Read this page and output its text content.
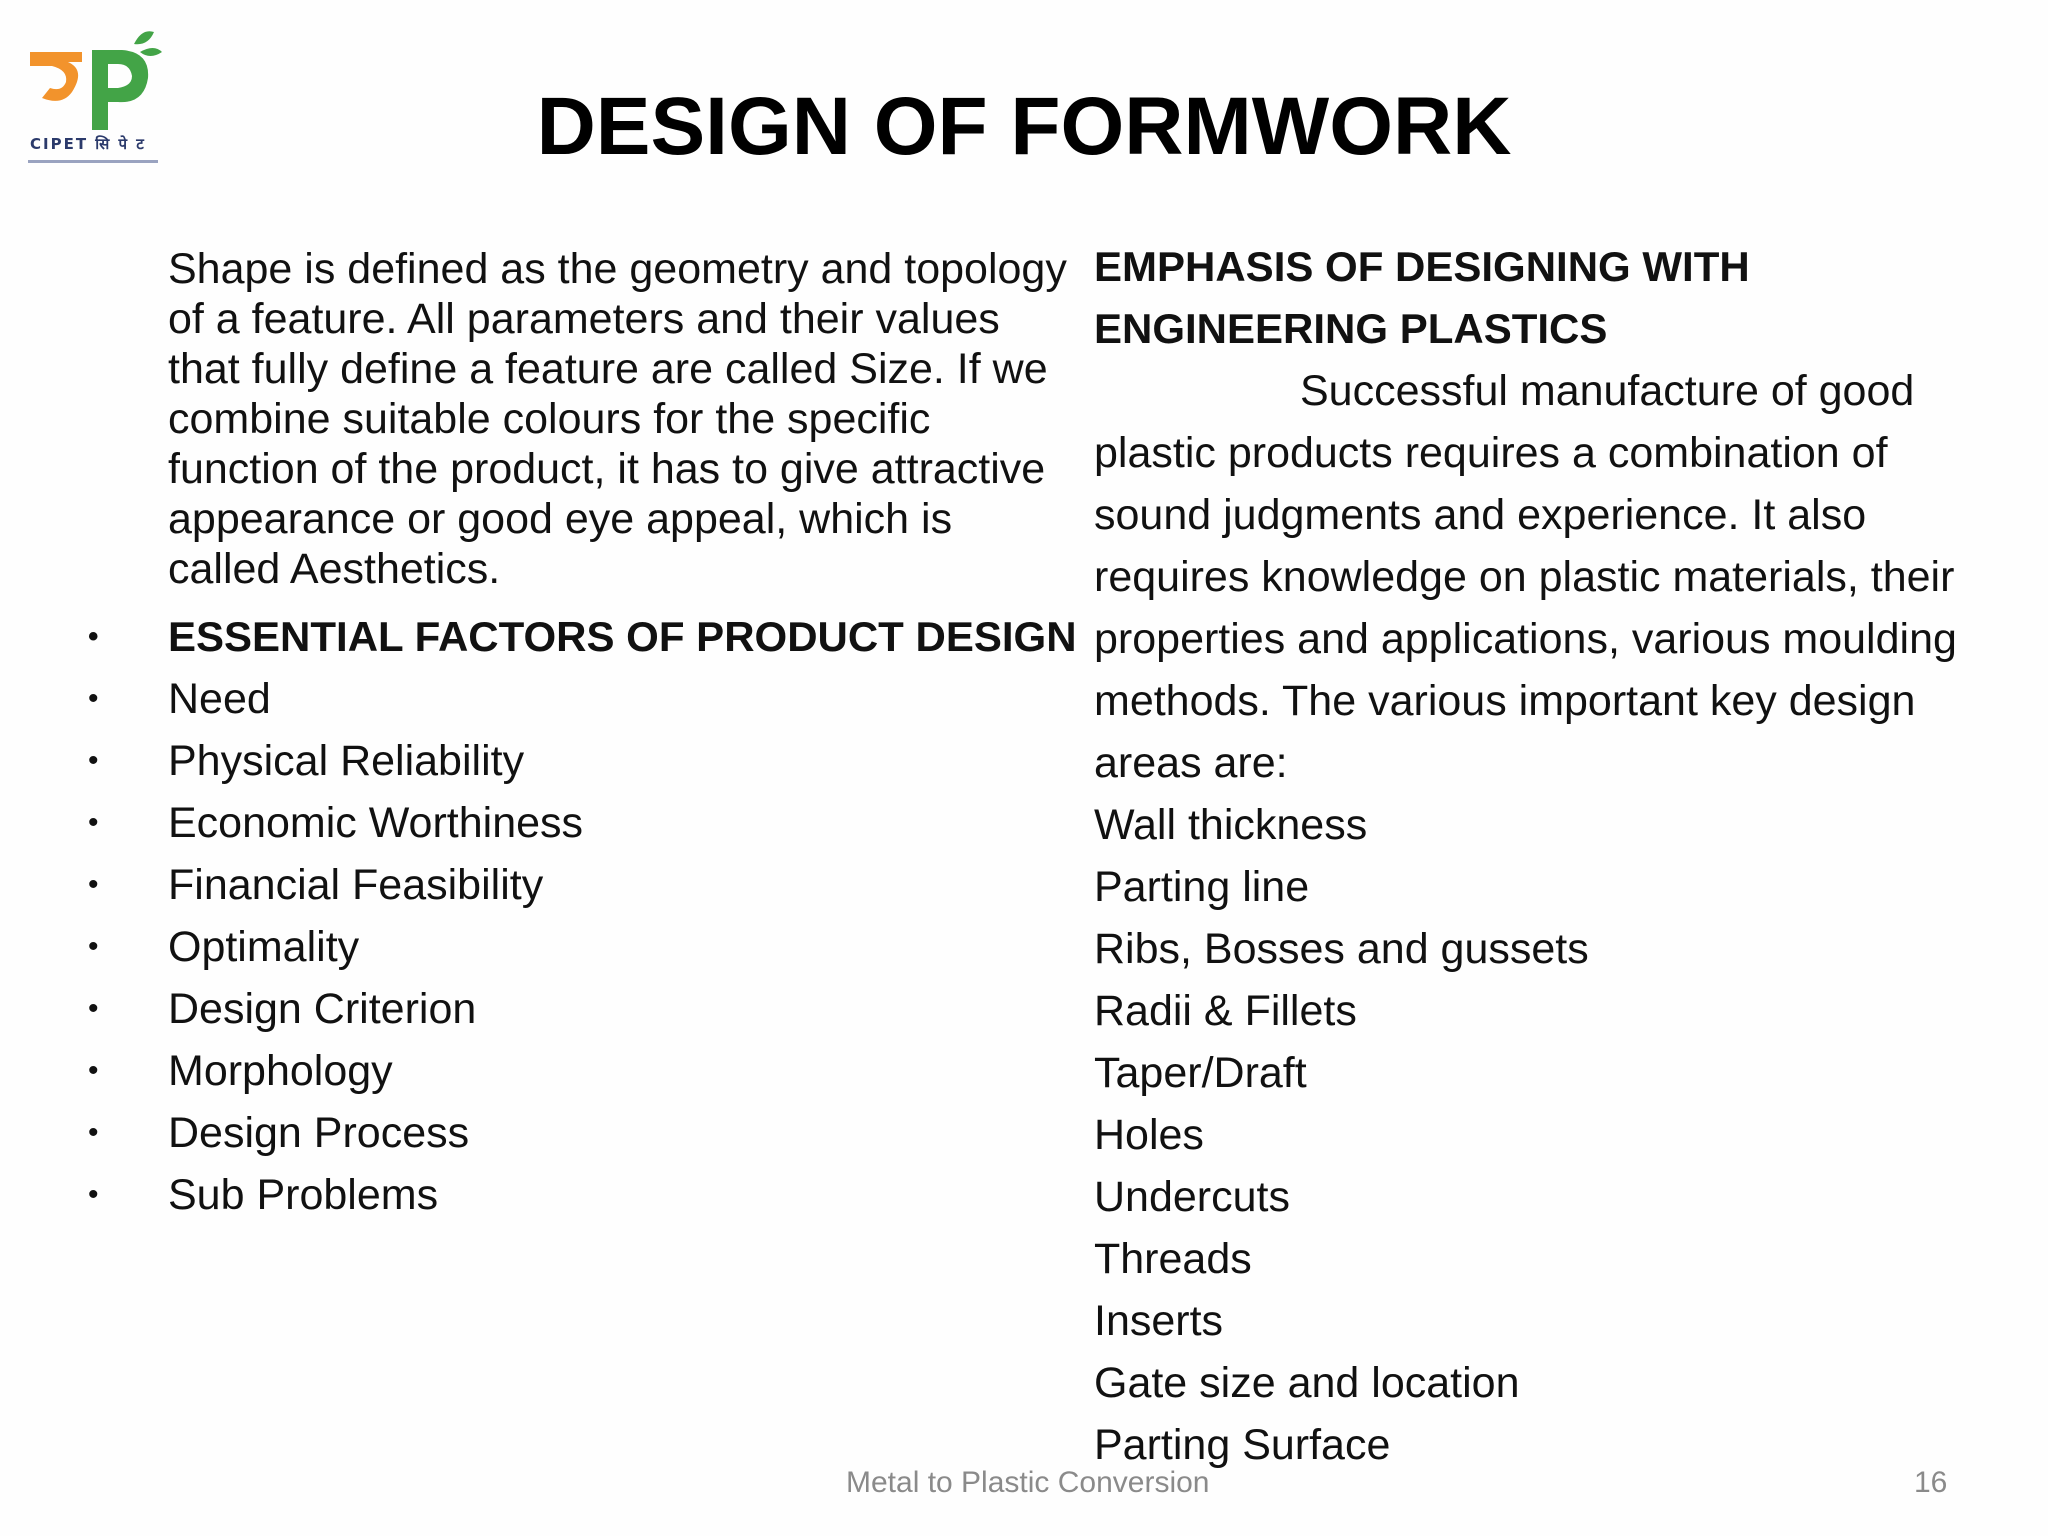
CIPET सि पे ट	DESIGN OF FORMWORK

Shape is defined as the geometry and topology of a feature. All parameters and their values that fully define a feature are called Size. If we combine suitable colours for the specific function of the product, it has to give attractive appearance or good eye appeal, which is called Aesthetics.

• ESSENTIAL FACTORS OF PRODUCT DESIGN
• Need
• Physical Reliability
• Economic Worthiness
• Financial Feasibility
• Optimality
• Design Criterion
• Morphology
• Design Process
• Sub Problems

EMPHASIS OF DESIGNING WITH ENGINEERING PLASTICS

Successful manufacture of good plastic products requires a combination of sound judgments and experience. It also requires knowledge on plastic materials, their properties and applications, various moulding methods. The various important key design areas are:

Wall thickness
Parting line
Ribs, Bosses and gussets
Radii & Fillets
Taper/Draft
Holes
Undercuts
Threads
Inserts
Gate size and location
Parting Surface
Metal to Plastic Conversion	16
